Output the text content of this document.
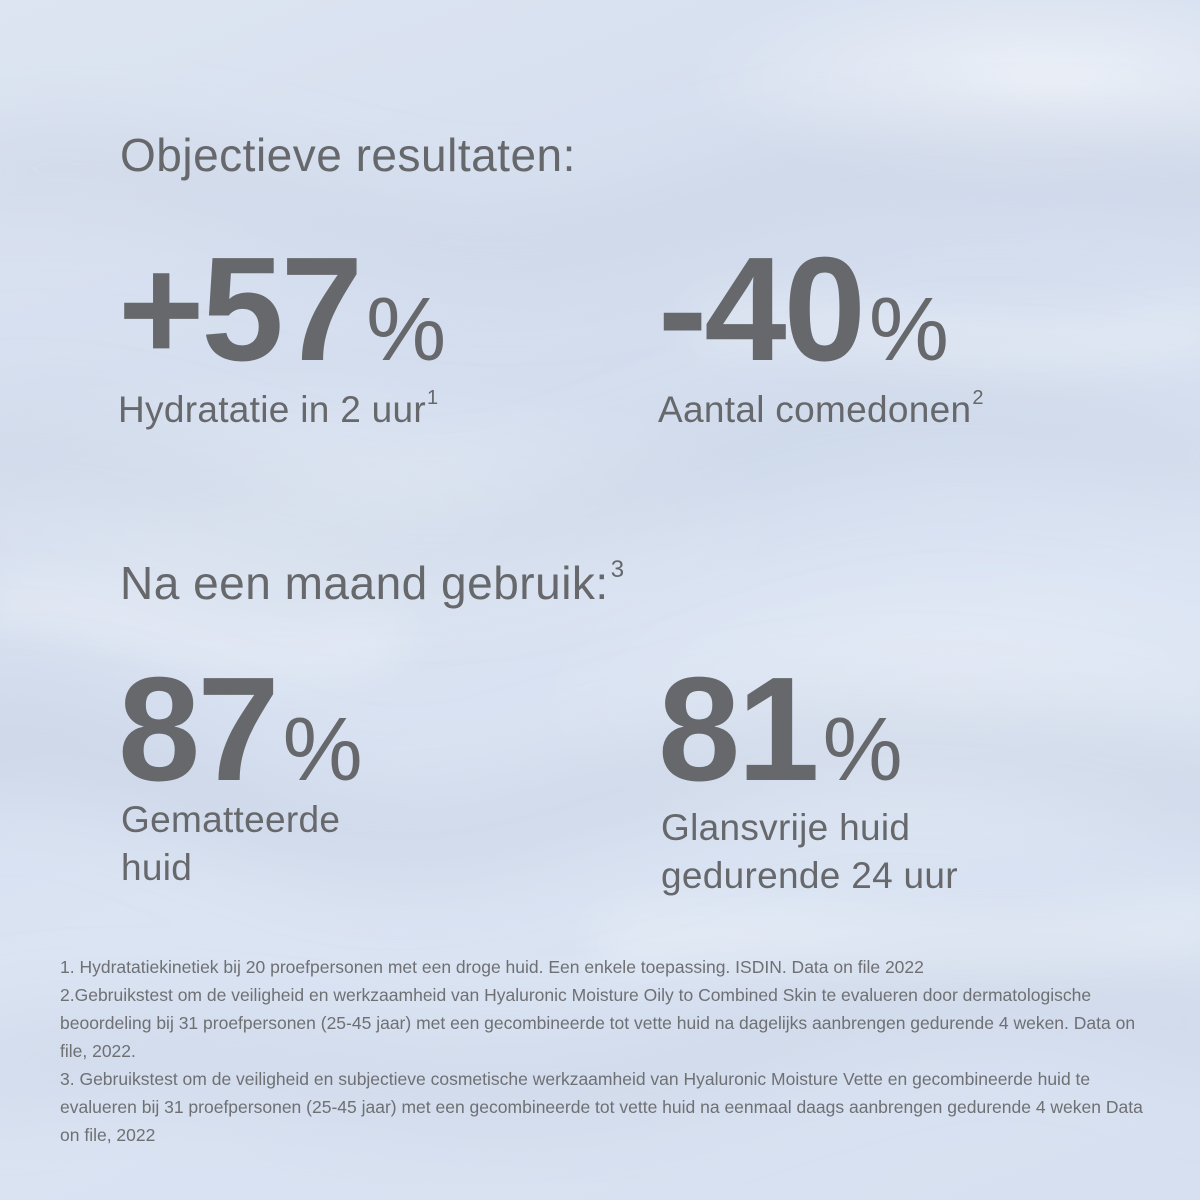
Objectieve resultaten:
+57%
Hydratatie in 2 uur$^1$
-40%
Aantal comedonen$^2$
Na een maand gebruik:$^3$
87%
Gematteerde
huid
81%
Glansvrije huid
gedurende 24 uur

1. Hydratatiekinetiek bij 20 proefpersonen met een droge huid. Een enkele toepassing. ISDIN. Data on file 2022

2.Gebruikstest om de veiligheid en werkzaamheid van Hyaluronic Moisture Oily to Combined Skin te evalueren door dermatologische beoordeling bij 31 proefpersonen (25-45 jaar) met een gecombineerde tot vette huid na dagelijks aanbrengen gedurende 4 weken. Data on file, 2022.

3. Gebruikstest om de veiligheid en subjectieve cosmetische werkzaamheid van Hyaluronic Moisture Vette en gecombineerde huid te evalueren bij 31 proefpersonen (25-45 jaar) met een gecombineerde tot vette huid na eenmaal daags aanbrengen gedurende 4 weken Data on file, 2022
